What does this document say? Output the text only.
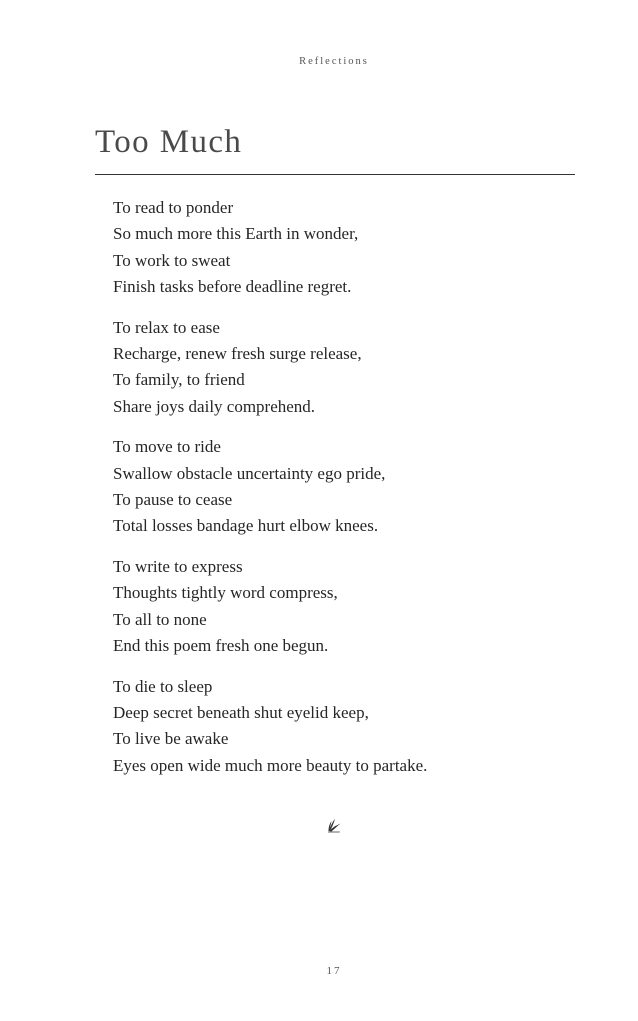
Reflections
Too Much
To read to ponder
So much more this Earth in wonder,
To work to sweat
Finish tasks before deadline regret.
To relax to ease
Recharge, renew fresh surge release,
To family, to friend
Share joys daily comprehend.
To move to ride
Swallow obstacle uncertainty ego pride,
To pause to cease
Total losses bandage hurt elbow knees.
To write to express
Thoughts tightly word compress,
To all to none
End this poem fresh one begun.
To die to sleep
Deep secret beneath shut eyelid keep,
To live be awake
Eyes open wide much more beauty to partake.
17
